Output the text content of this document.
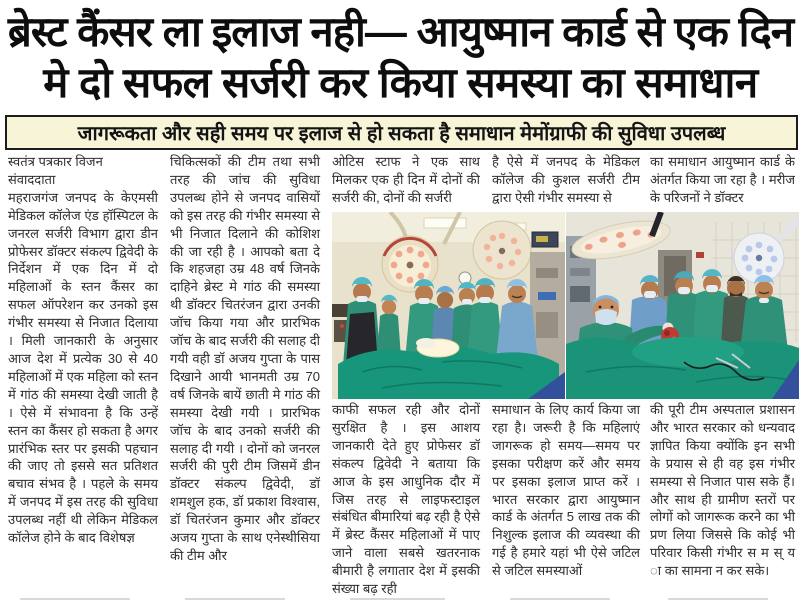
ब्रेस्ट कैंसर ला इलाज नही— आयुष्मान कार्ड से एक दिन
मे दो सफल सर्जरी कर किया समस्या का समाधान
जागरूकता और सही समय पर इलाज से हो सकता है समाधान मेमोंग्राफी की सुविधा उपलब्ध
स्वतंत्र पत्रकार विजन
संवाददाता
महराजगंज जनपद के केएमसी मेडिकल कॉलेज एंड हॉस्पिटल के जनरल सर्जरी विभाग द्वारा डीन प्रोफेसर डॉक्टर संकल्प द्विवेदी के निर्देशन में एक दिन में दो महिलाओं के स्तन कैंसर का सफल ऑपरेशन कर उनको इस गंभीर समस्या से निजात दिलाया । मिली जानकारी के अनुसार आज देश में प्रत्येक 30 से 40 महिलाओं में एक महिला को स्तन में गांठ की समस्या देखी जाती है । ऐसे में संभावना है कि उन्हें स्तन का कैंसर हो सकता है अगर प्रारंभिक स्तर पर इसकी पहचान की जाए तो इससे सत प्रतिशत बचाव संभव है । पहले के समय में जनपद में इस तरह की सुविधा उपलब्ध नहीं थी लेकिन मेडिकल कॉलेज होने के बाद विशेषज्ञ
चिकित्सकों की टीम तथा सभी तरह की जांच की सुविधा उपलब्ध होने से जनपद वासियों को इस तरह की गंभीर समस्या से भी निजात दिलाने की कोशिश की जा रही है । आपको बता दे कि शहजहा उम्र 48 वर्ष जिनके दाहिने ब्रेस्ट मे गांठ की समस्या थी डॉक्टर चितरंजन द्वारा उनकी जॉच किया गया और प्रारभिक जॉच के बाद सर्जरी की सलाह दी गयी वही डॉ अजय गुप्ता के पास दिखाने आयी भानमती उम्र 70 वर्ष जिनके बायें छाती मे गांठ की समस्या देखी गयी । प्रारभिक जॉच के बाद उनको सर्जरी की सलाह दी गयी । दोनों को जनरल सर्जरी की पुरी टीम जिसमें डीन डॉक्टर संकल्प द्विवेदी, डॉ शमशुल हक, डॉ प्रकाश विश्वास, डॉ चितरंजन कुमार और डॉक्टर अजय गुप्ता के साथ एनेस्थीसिया की टीम और
ओटिस स्टाफ ने एक साथ मिलकर एक ही दिन में दोनों की सर्जरी की, दोनों की सर्जरी
है ऐसे में जनपद के मेडिकल कॉलेज की कुशल सर्जरी टीम द्वारा ऐसी गंभीर समस्या से
का समाधान आयुष्मान कार्ड के अंतर्गत किया जा रहा है । मरीज के परिजनों ने डॉक्टर
काफी सफल रही और दोनों सुरक्षित है । इस आशय जानकारी देते हुए प्रोफेसर डॉ संकल्प द्विवेदी ने बताया कि आज के इस आधुनिक दौर में जिस तरह से लाइफस्टाइल संबंधित बीमारियां बढ़ रही है ऐसे में ब्रेस्ट कैंसर महिलाओं में पाए जाने वाला सबसे खतरनाक बीमारी है लगातार देश में इसकी संख्या बढ़ रही
समाधान के लिए कार्य किया जा रहा है। जरूरी है कि महिलाएं जागरूक हो समय—समय पर इसका परीक्षण करें और समय पर इसका इलाज प्राप्त करें । भारत सरकार द्वारा आयुष्मान कार्ड के अंतर्गत 5 लाख तक की निशुल्क इलाज की व्यवस्था की गई है हमारे यहां भी ऐसे जटिल से जटिल समस्याओं
की पूरी टीम अस्पताल प्रशासन और भारत सरकार को धन्यवाद ज्ञापित किया क्योंकि इन सभी के प्रयास से ही वह इस गंभीर समस्या से निजात पास सके हैं। और साथ ही ग्रामीण स्तरों पर लोगों को जागरूक करने का भी प्रण लिया जिससे कि कोई भी परिवार किसी गंभीर स म स् य ा का सामना न कर सके।
